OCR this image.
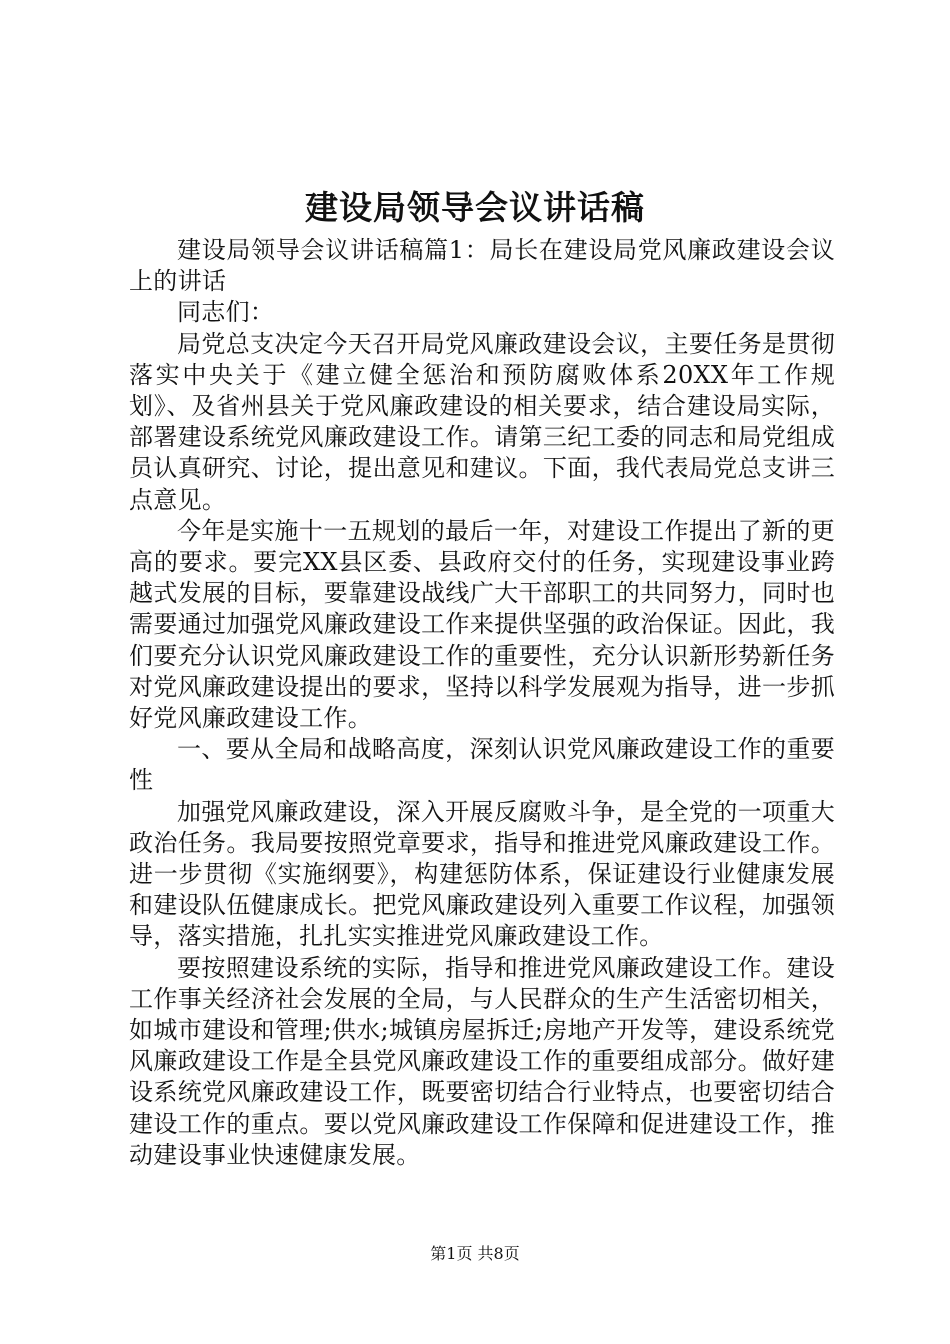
建设局领导会议讲话稿

建设局领导会议讲话稿篇1：局长在建设局党风廉政建设会议上的讲话

同志们：

局党总支决定今天召开局党风廉政建设会议，主要任务是贯彻落实中央关于《建立健全惩治和预防腐败体系20XX年工作规划》、及省州县关于党风廉政建设的相关要求，结合建设局实际，部署建设系统党风廉政建设工作。请第三纪工委的同志和局党组成员认真研究、讨论，提出意见和建议。下面，我代表局党总支讲三点意见。

今年是实施十一五规划的最后一年，对建设工作提出了新的更高的要求。要完XX县区委、县政府交付的任务，实现建设事业跨越式发展的目标，要靠建设战线广大干部职工的共同努力，同时也需要通过加强党风廉政建设工作来提供坚强的政治保证。因此，我们要充分认识党风廉政建设工作的重要性，充分认识新形势新任务对党风廉政建设提出的要求，坚持以科学发展观为指导，进一步抓好党风廉政建设工作。

一、要从全局和战略高度，深刻认识党风廉政建设工作的重要性

加强党风廉政建设，深入开展反腐败斗争，是全党的一项重大政治任务。我局要按照党章要求，指导和推进党风廉政建设工作。进一步贯彻《实施纲要》，构建惩防体系，保证建设行业健康发展和建设队伍健康成长。把党风廉政建设列入重要工作议程，加强领导，落实措施，扎扎实实推进党风廉政建设工作。

要按照建设系统的实际，指导和推进党风廉政建设工作。建设工作事关经济社会发展的全局，与人民群众的生产生活密切相关，如城市建设和管理;供水;城镇房屋拆迁;房地产开发等，建设系统党风廉政建设工作是全县党风廉政建设工作的重要组成部分。做好建设系统党风廉政建设工作，既要密切结合行业特点，也要密切结合建设工作的重点。要以党风廉政建设工作保障和促进建设工作，推动建设事业快速健康发展。

第1页 共8页
